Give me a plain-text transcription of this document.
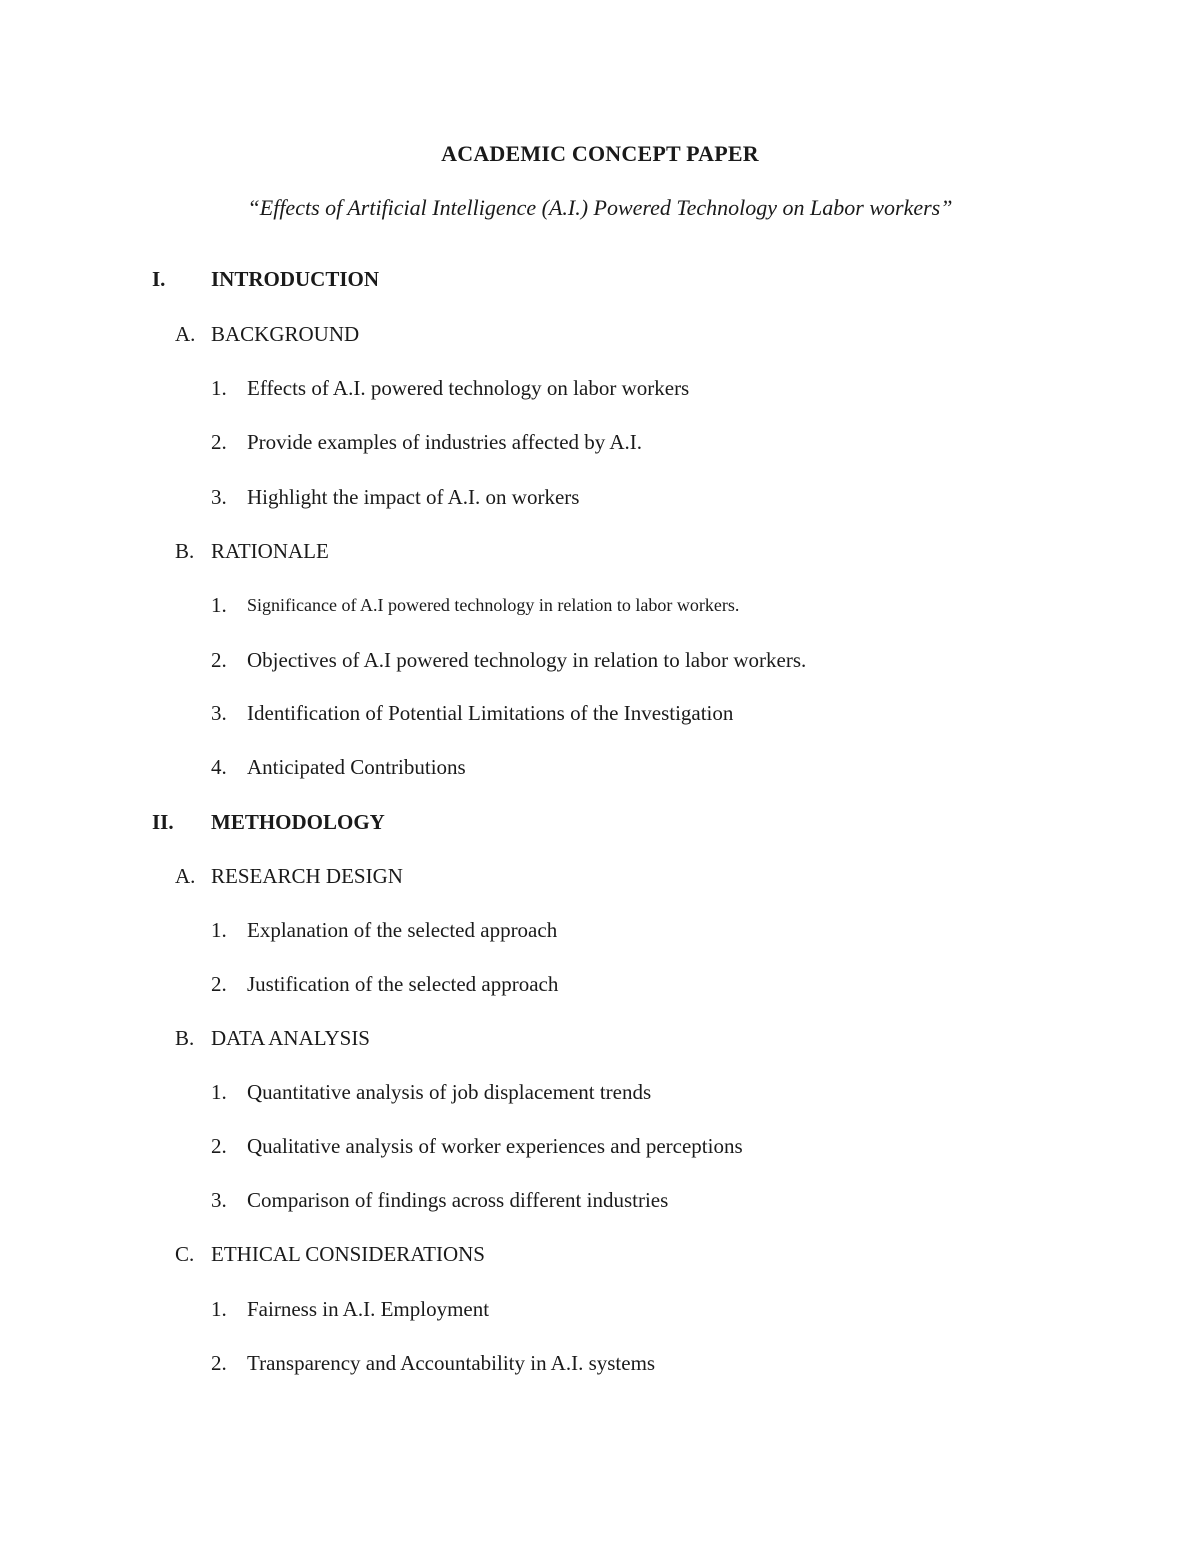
ACADEMIC CONCEPT PAPER
“Effects of Artificial Intelligence (A.I.) Powered Technology on Labor workers”
I. INTRODUCTION
A. BACKGROUND
1. Effects of A.I. powered technology on labor workers
2. Provide examples of industries affected by A.I.
3. Highlight the impact of A.I. on workers
B. RATIONALE
1. Significance of A.I powered technology in relation to labor workers.
2. Objectives of A.I powered technology in relation to labor workers.
3. Identification of Potential Limitations of the Investigation
4. Anticipated Contributions
II. METHODOLOGY
A. RESEARCH DESIGN
1. Explanation of the selected approach
2. Justification of the selected approach
B. DATA ANALYSIS
1. Quantitative analysis of job displacement trends
2. Qualitative analysis of worker experiences and perceptions
3. Comparison of findings across different industries
C. ETHICAL CONSIDERATIONS
1. Fairness in A.I. Employment
2. Transparency and Accountability in A.I. systems
